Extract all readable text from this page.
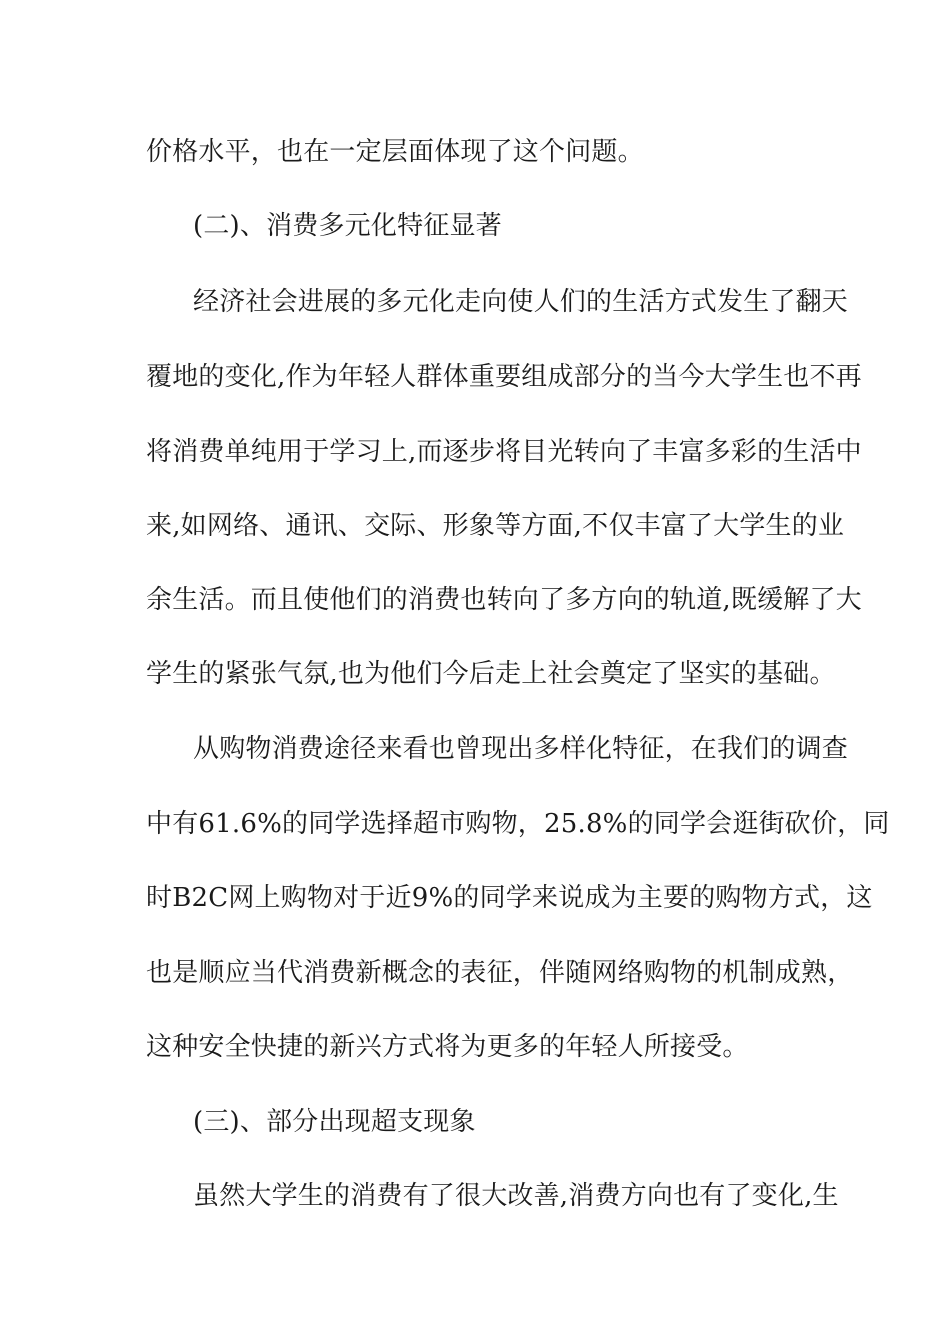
价格水平，也在一定层面体现了这个问题。
(二)、消费多元化特征显著
经济社会进展的多元化走向使人们的生活方式发生了翻天
覆地的变化,作为年轻人群体重要组成部分的当今大学生也不再
将消费单纯用于学习上,而逐步将目光转向了丰富多彩的生活中
来,如网络、通讯、交际、形象等方面,不仅丰富了大学生的业
余生活。而且使他们的消费也转向了多方向的轨道,既缓解了大
学生的紧张气氛,也为他们今后走上社会奠定了坚实的基础。
从购物消费途径来看也曾现出多样化特征，在我们的调查
中有61.6%的同学选择超市购物，25.8%的同学会逛街砍价，同
时B2C网上购物对于近9%的同学来说成为主要的购物方式，这
也是顺应当代消费新概念的表征，伴随网络购物的机制成熟，
这种安全快捷的新兴方式将为更多的年轻人所接受。
(三)、部分出现超支现象
虽然大学生的消费有了很大改善,消费方向也有了变化,生
